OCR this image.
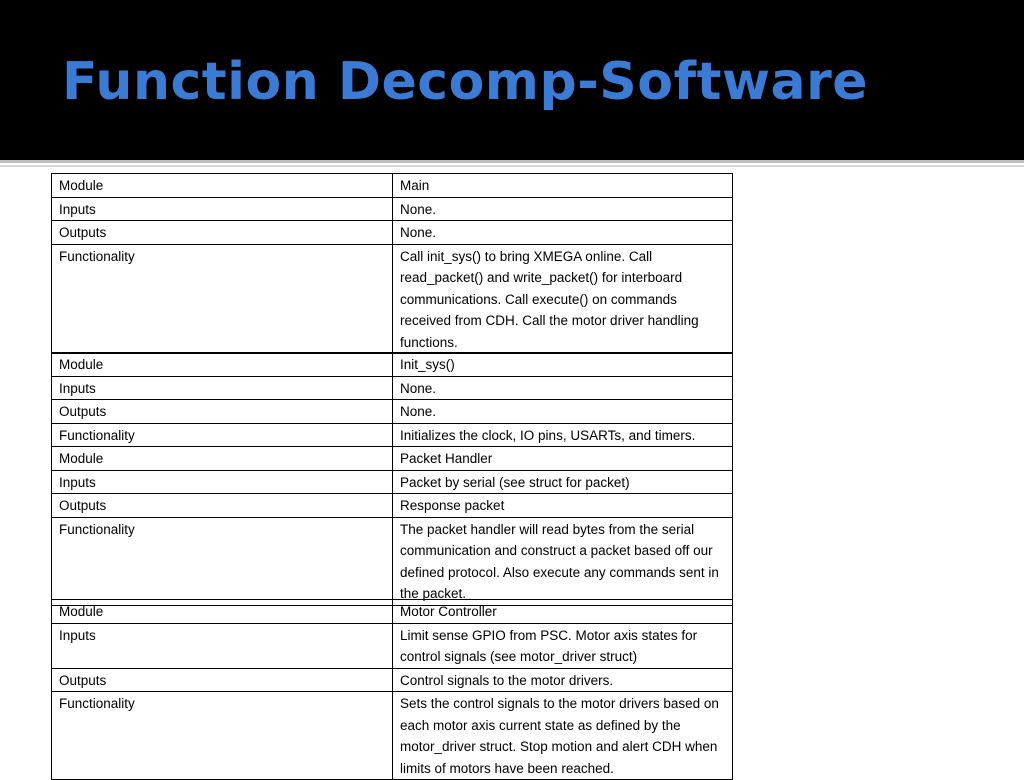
Function Decomp-Software
Module	Main
Inputs	None.
Outputs	None.
Functionality	Call init_sys() to bring XMEGA online. Call read_packet() and write_packet() for interboard communications. Call execute() on commands received from CDH. Call the motor driver handling functions.
Module	Init_sys()
Inputs	None.
Outputs	None.
Functionality	Initializes the clock, IO pins, USARTs, and timers.
Module	Packet Handler
Inputs	Packet by serial (see struct for packet)
Outputs	Response packet
Functionality	The packet handler will read bytes from the serial communication and construct a packet based off our defined protocol. Also execute any commands sent in the packet.
Module	Motor Controller
Inputs	Limit sense GPIO from PSC. Motor axis states for control signals (see motor_driver struct)
Outputs	Control signals to the motor drivers.
Functionality	Sets the control signals to the motor drivers based on each motor axis current state as defined by the motor_driver struct. Stop motion and alert CDH when limits of motors have been reached.
